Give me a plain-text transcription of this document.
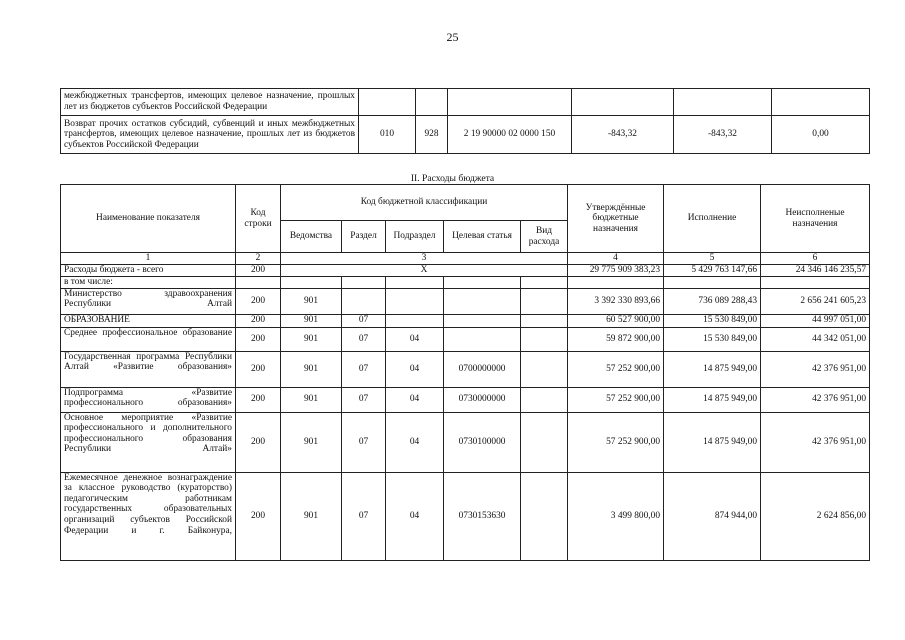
25
межбюджетных трансфертов, имеющих целевое назначение, прошлых лет из бюджетов субъектов Российской Федерации						
Возврат прочих остатков субсидий, субвенций и иных межбюджетных трансфертов, имеющих целевое назначение, прошлых лет из бюджетов субъектов Российской Федерации	010	928	2 19 90000 02 0000 150	-843,32	-843,32	0,00
II. Расходы бюджета
Наименование показателя	Код строки	Код бюджетной классификации					Утверждённые бюджетные назначения	Исполнение	Неисполненые назначения
		Ведомства	Раздел	Подраздел	Целевая статья	Вид расхода			
1	2	3					4	5	6
Расходы бюджета - всего	200	X					29 775 909 383,23	5 429 763 147,66	24 346 146 235,57
в том числе:									
Министерство здравоохранения Республики Алтай	200	901					3 392 330 893,66	736 089 288,43	2 656 241 605,23
ОБРАЗОВАНИЕ	200	901	07				60 527 900,00	15 530 849,00	44 997 051,00
Среднее профессиональное образование	200	901	07	04			59 872 900,00	15 530 849,00	44 342 051,00
Государственная программа Республики Алтай «Развитие образования»	200	901	07	04	0700000000		57 252 900,00	14 875 949,00	42 376 951,00
Подпрограмма «Развитие профессионального образования»	200	901	07	04	0730000000		57 252 900,00	14 875 949,00	42 376 951,00
Основное мероприятие «Развитие профессионального и дополнительного профессионального образования Республики Алтай»	200	901	07	04	0730100000		57 252 900,00	14 875 949,00	42 376 951,00
Ежемесячное денежное вознаграждение за классное руководство (кураторство) педагогическим работникам государственных образовательных организаций субъектов Российской Федерации и г. Байконура,	200	901	07	04	0730153630		3 499 800,00	874 944,00	2 624 856,00
